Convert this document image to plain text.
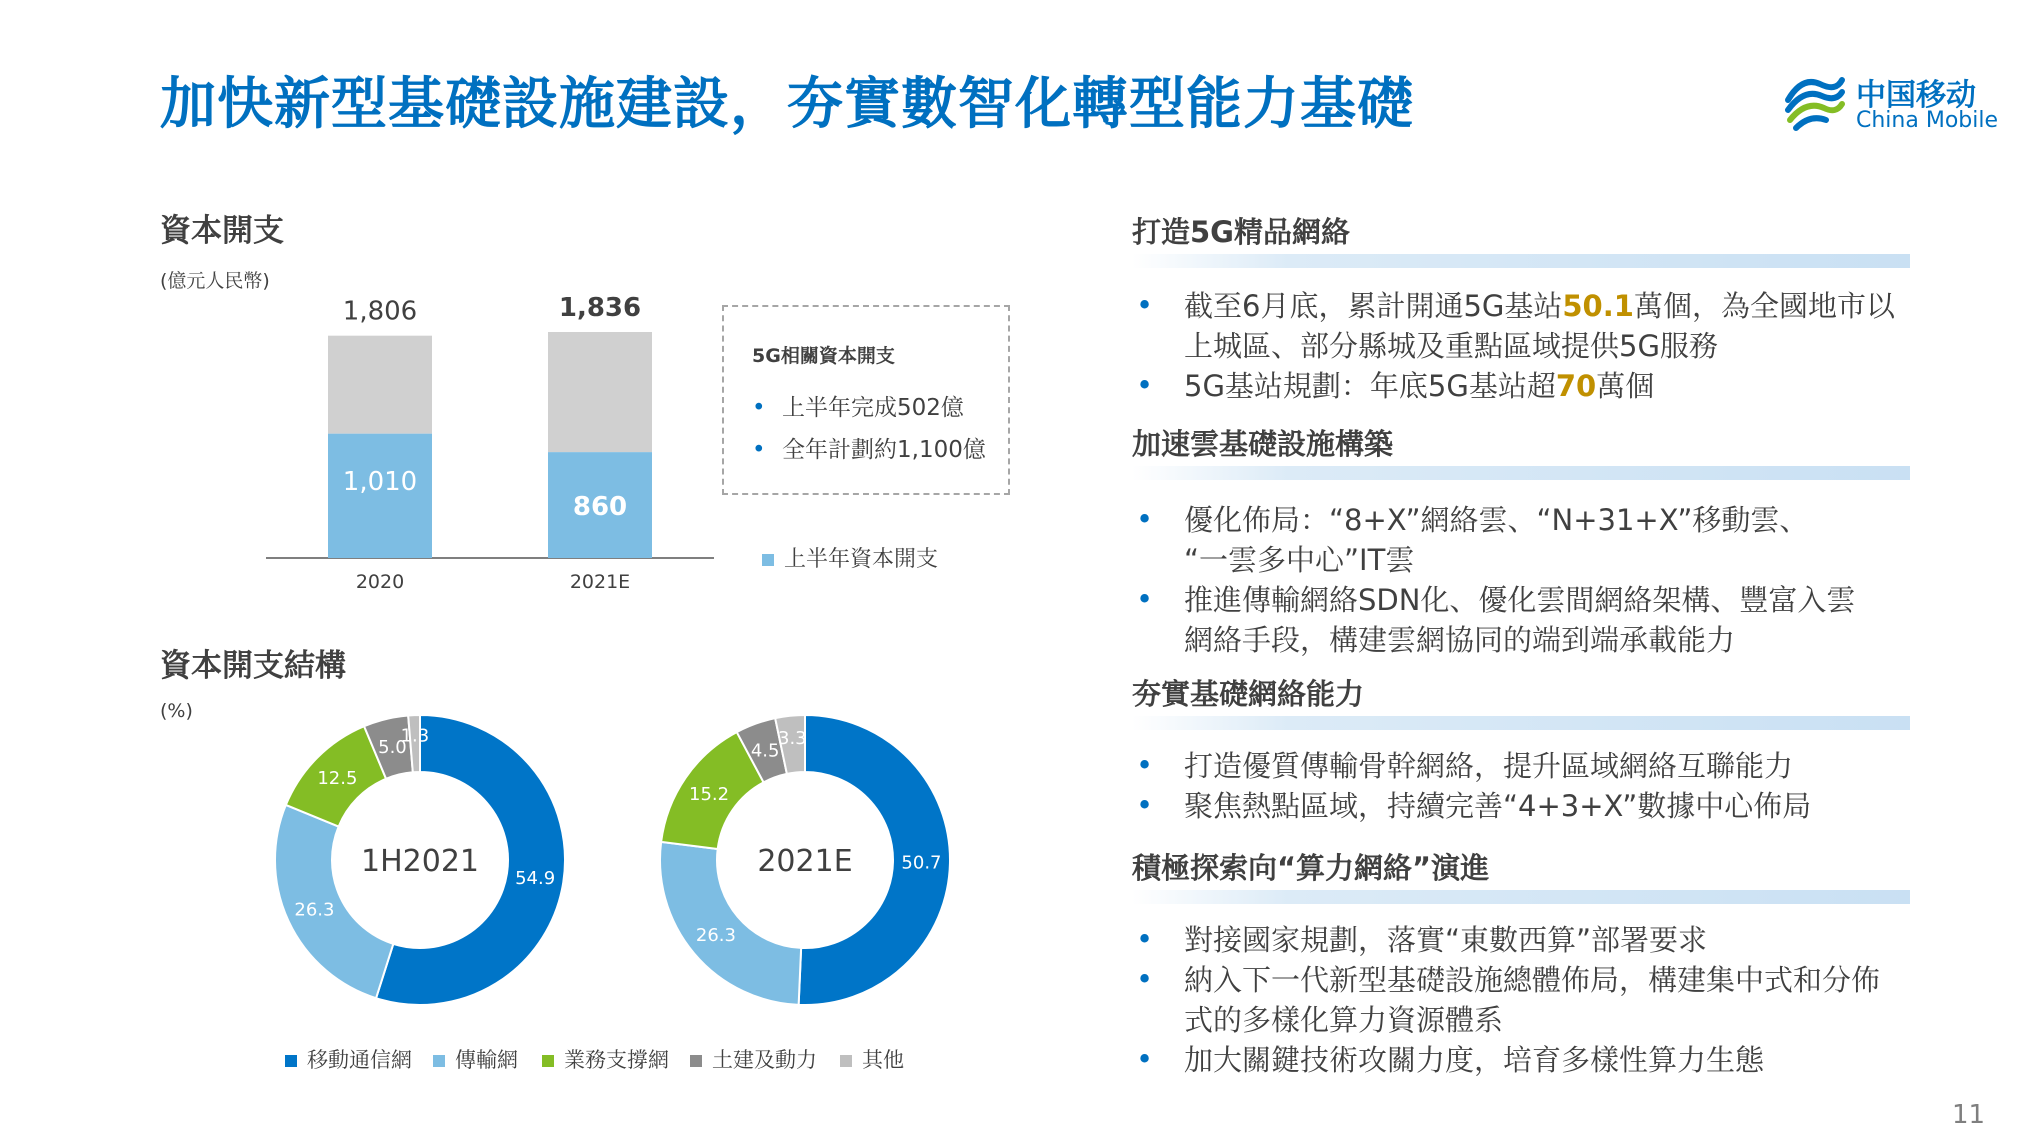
加快新型基礎設施建設，夯實數智化轉型能力基礎	中国移动
China Mobile
資本開支
(億元人民幣)
1,806
1,010
2020
1,836
860
2021E
5G相關資本開支
• 上半年完成502億
• 全年計劃約1,100億
上半年資本開支
資本開支結構
(%)
54.9
26.3
12.5
5.0
1.3
1H2021	50.7
26.3
15.2
4.5
3.3
2021E
移動通信網	傳輸網	業務支撐網	土建及動力	其他
打造5G精品網絡
• 截至6月底，累計開通5G基站50.1萬個，為全國地市以
上城區、部分縣城及重點區域提供5G服務
• 5G基站規劃：年底5G基站超70萬個
加速雲基礎設施構築
• 優化佈局：“8+X”網絡雲、“N+31+X”移動雲、
“一雲多中心”IT雲
• 推進傳輸網絡SDN化、優化雲間網絡架構、豐富入雲
網絡手段，構建雲網協同的端到端承載能力
夯實基礎網絡能力
• 打造優質傳輸骨幹網絡，提升區域網絡互聯能力
• 聚焦熱點區域，持續完善“4+3+X”數據中心佈局
積極探索向“算力網絡”演進
• 對接國家規劃，落實“東數西算”部署要求
• 納入下一代新型基礎設施總體佈局，構建集中式和分佈
式的多樣化算力資源體系
• 加大關鍵技術攻關力度，培育多樣性算力生態
11
